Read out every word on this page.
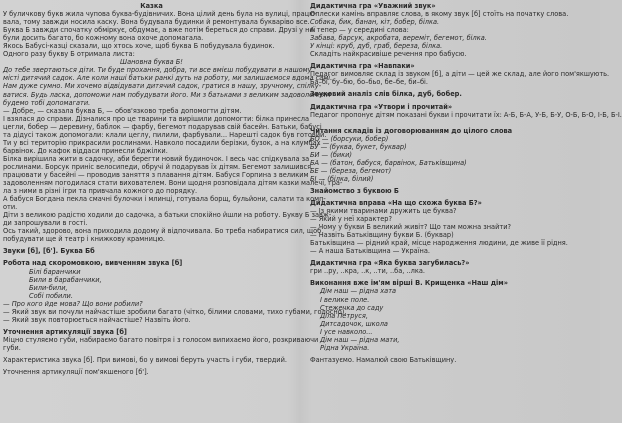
Казка
У буличкову букв жила чупова буква-будівничих. Вона цілий день була на вулиці, працю-
вала, тому завжди носила каску. Вона будувала будинки й ремонтувала букваріво все.
Буква Б завжди спочатку обміркує, обдумає, а вже потім береться до справи. Друзі у неї
були досить багато, бо кожному вона охоче допомагала.
Якось Бабусі-казці сказали, що хтось хоче, щоб буква Б побудувала будинок.
Одного разу букву Б отримала листа:
Шановна буква Б!
До тебе звертаються діти. Ти буде прохання, добра, ти все вмієш побудувати в нашому
місті дитячий садок. Але коли наші батьки ранкі дуть на роботу, ми залишаємося вдома самі.
Нам дуже сумно. Ми хочемо відвідувати дитячий садок, гратися в нашу, зручному, спілку-
ватися. Будь ласка, допоможи нам побудувати його. Ми з батьками з великим задоволенням
будемо тобі допомагати.
— Добре, — сказала буква Б, — обов'язково треба допомогти дітям.
І взялася до справи. Дізналися про це тварини та вирішили допомогти: білка принесла
цегли, бобер — деревину, баблок — фарбу, бегемот подарував свій басейн. Батьки, бабусі
та дідусі також допомогали: клали цеглу, пилили, фарбували... Нарешті садок був готовий.
Ти у всі територію прикрасили рослинами. Навколо посадили берізки, бузок, а на клумбах —
барвінок. До кафок віддаси принесли бджілки.
Білка вирішила жити в садочку, аби берегти новий будиночок. І весь час спідкувала за
рослинами. Борсук приніс велосипеди, обручі й подарував їх дітям. Бегемот залишився
працювати у басейні — проводив заняття з плавання дітям. Бабуся Горпина з великим
задоволенням погодилася стати вихователем. Вони щодня розповідала дітям казки малечі, гра-
ла з ними в різні ігри та привчала кожного до порядку.
А бабуся Богдана пекла смачні булочки і млинці, готувала борщ, бульйони, салати та комп-
оти.
Діти з великою радістю ходили до садочка, а батьки спокійно йшли на роботу. Букву Б завж-
ди запрошували в гості.
Ось такий, здорово, вона приходила додому й відпочивала. Бо треба набиратися сил, щоб
побудувати ще й театр і книжкову крамницю.
Звуки [б], [б']. Буква Бб
Робота над скоромовкою, вивченням звука [б]
Білі баранчики
Били в барабанчики,
Били-били,
Собі побили.
— Про кого йде мова? Що вони робили?
— Який звук ви почули найчастіше зробили багато (чітко, білими словами, тихо губами, голосно).
— Який звук повторюється найчастіше? Назвіть його.
Уточнення артикуляції звука [б]
Міцно стуляємо губи, набираємо багато повітря і з голосом випихаємо його, розкриваючи
губи.
Характеристика звука [б]. При вимові, бо у вимові беруть участь і губи, твердий.
Уточнення артикуляції пом'якшеного [б'].
Дидактична гра «Уважний звук»
Оплески камінь вправляє слова, в якому звук [б] стоїть на початку слова.
Собака, бик, банан, кіт, бобер, білка.
А тепер — у середині слова:
Забава, барсук, акробата, вереміт, бегемот, білка.
У кінці: круб, дуб, граб, береза, білка.
Складіть найкрасивіше речення про бабусю.
Дидактична гра «Навпаки»
Педагог вимовляє склад із звуком [б], а діти — цей же склад, але його пом'якшують.
Ба–бі, бу–бю, бо–бьо, бе–бе, би–бі.
Звуковий аналіз слів білка, дуб, бобер.
Дидактична гра «Утвори і прочитай»
Педагог пропонує дітям показані букви і прочитати їх: А-Б, Б-А, У-Б, Б-У, О-Б, Б-О, І-Б, Б-І.
Читання складів із договорюванням до цілого слова
БО — (борсуки, бобер)
БУ — (буква, букет, буквар)
БИ — (бики)
БА — (батон, бабуся, барвінок, Батьківщина)
БЕ — (береза, бегемот)
БІ — (білка, білий)
Знайомство з буквою Б
Дидактична вправа «На що схожа буква Б?»
— Із якими тваринами дружить це буква?
— Який у неї характер?
— Чому у букви Б великий живіт? Що там можна знайти?
— Назвіть Батьківщину букви Б. (буквар)
Батьківщина — рідний край, місце народження людини, де живе її рідня.
— А наша Батьківщина — Україна.
Дидактична гра «Яка буква загубилась?»
гри ..ру, ..кра, ..к, ..ти, ..ба, ..лка.
Виконання вже ім'ям вірші В. Крищенка «Наш дім»
Дім наш — рідна хата
І велике поле.
Стежечка до саду
Діла Петруся,
Дитсадочок, школа
І усе навколо...
Дім наш — рідна мати,
Рідна Україна.
Фантазуємо. Намалюй свою Батьківщину.
